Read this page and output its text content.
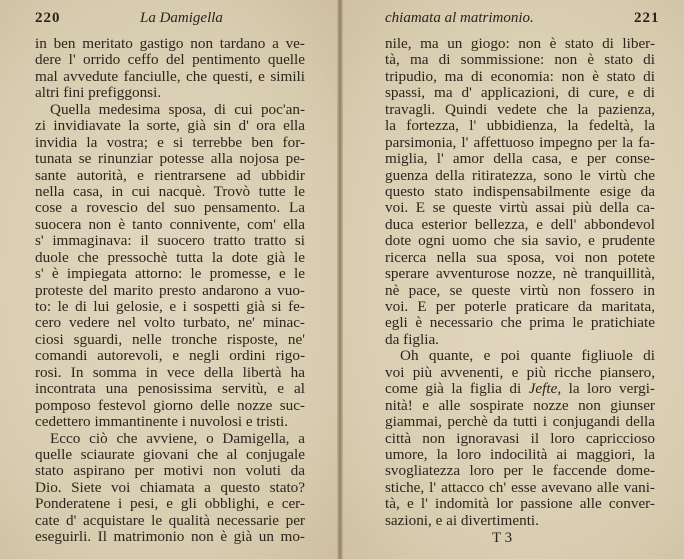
220	La Damigella
in ben meritato gastigo non tardano a ve-
dere l' orrido ceffo del pentimento quelle
mal avvedute fanciulle, che questi, e simili
altri fini prefiggonsi.
Quella medesima sposa, di cui poc'an-
zi invidiavate la sorte, già sin d' ora ella
invidia la vostra; e si terrebbe ben for-
tunata se rinunziar potesse alla nojosa pe-
sante autorità, e rientrarsene ad ubbidir
nella casa, in cui nacquè. Trovò tutte le
cose a rovescio del suo pensamento. La
suocera non è tanto connivente, com' ella
s' immaginava: il suocero tratto tratto si
duole che pressochè tutta la dote già le
s' è impiegata attorno: le promesse, e le
proteste del marito presto andarono a vuo-
to: le di lui gelosie, e i sospetti già si fe-
cero vedere nel volto turbato, ne' minac-
ciosi sguardi, nelle tronche risposte, ne'
comandi autorevoli, e negli ordini rigo-
rosi. In somma in vece della libertà ha
incontrata una penosissima servitù, e al
pomposo festevol giorno delle nozze suc-
cedettero immantinente i nuvolosi e tristi.
Ecco ciò che avviene, o Damigella, a
quelle sciaurate giovani che al conjugale
stato aspirano per motivi non voluti da
Dio. Siete voi chiamata a questo stato?
Ponderatene i pesi, e gli obblighi, e cer-
cate d' acquistare le qualità necessarie per
eseguirli. Il matrimonio non è già un mo-
chiamata al matrimonio.	221
nile, ma un giogo: non è stato di liber-
tà, ma di sommissione: non è stato di
tripudio, ma di economia: non è stato di
spassi, ma d' applicazioni, di cure, e di
travagli. Quindi vedete che la pazienza,
la fortezza, l' ubbidienza, la fedeltà, la
parsimonia, l' affettuoso impegno per la fa-
miglia, l' amor della casa, e per conse-
guenza della ritiratezza, sono le virtù che
questo stato indispensabilmente esige da
voi. E se queste virtù assai più della ca-
duca esterior bellezza, e dell' abbondevol
dote ogni uomo che sia savio, e prudente
ricerca nella sua sposa, voi non potete
sperare avventurose nozze, nè tranquillità,
nè pace, se queste virtù non fossero in
voi. E per poterle praticare da maritata,
egli è necessario che prima le pratichiate
da figlia.
Oh quante, e poi quante figliuole di
voi più avvenenti, e più ricche piansero,
come già la figlia di Jefte, la loro vergi-
nità! e alle sospirate nozze non giunser
giammai, perchè da tutti i conjugandi della
città non ignoravasi il loro capriccioso
umore, la loro indocilità ai maggiori, la
svogliatezza loro per le faccende dome-
stiche, l' attacco ch' esse avevano alle vani-
tà, e l' indomità lor passione alle conver-
sazioni, e ai divertimenti.
T 3
